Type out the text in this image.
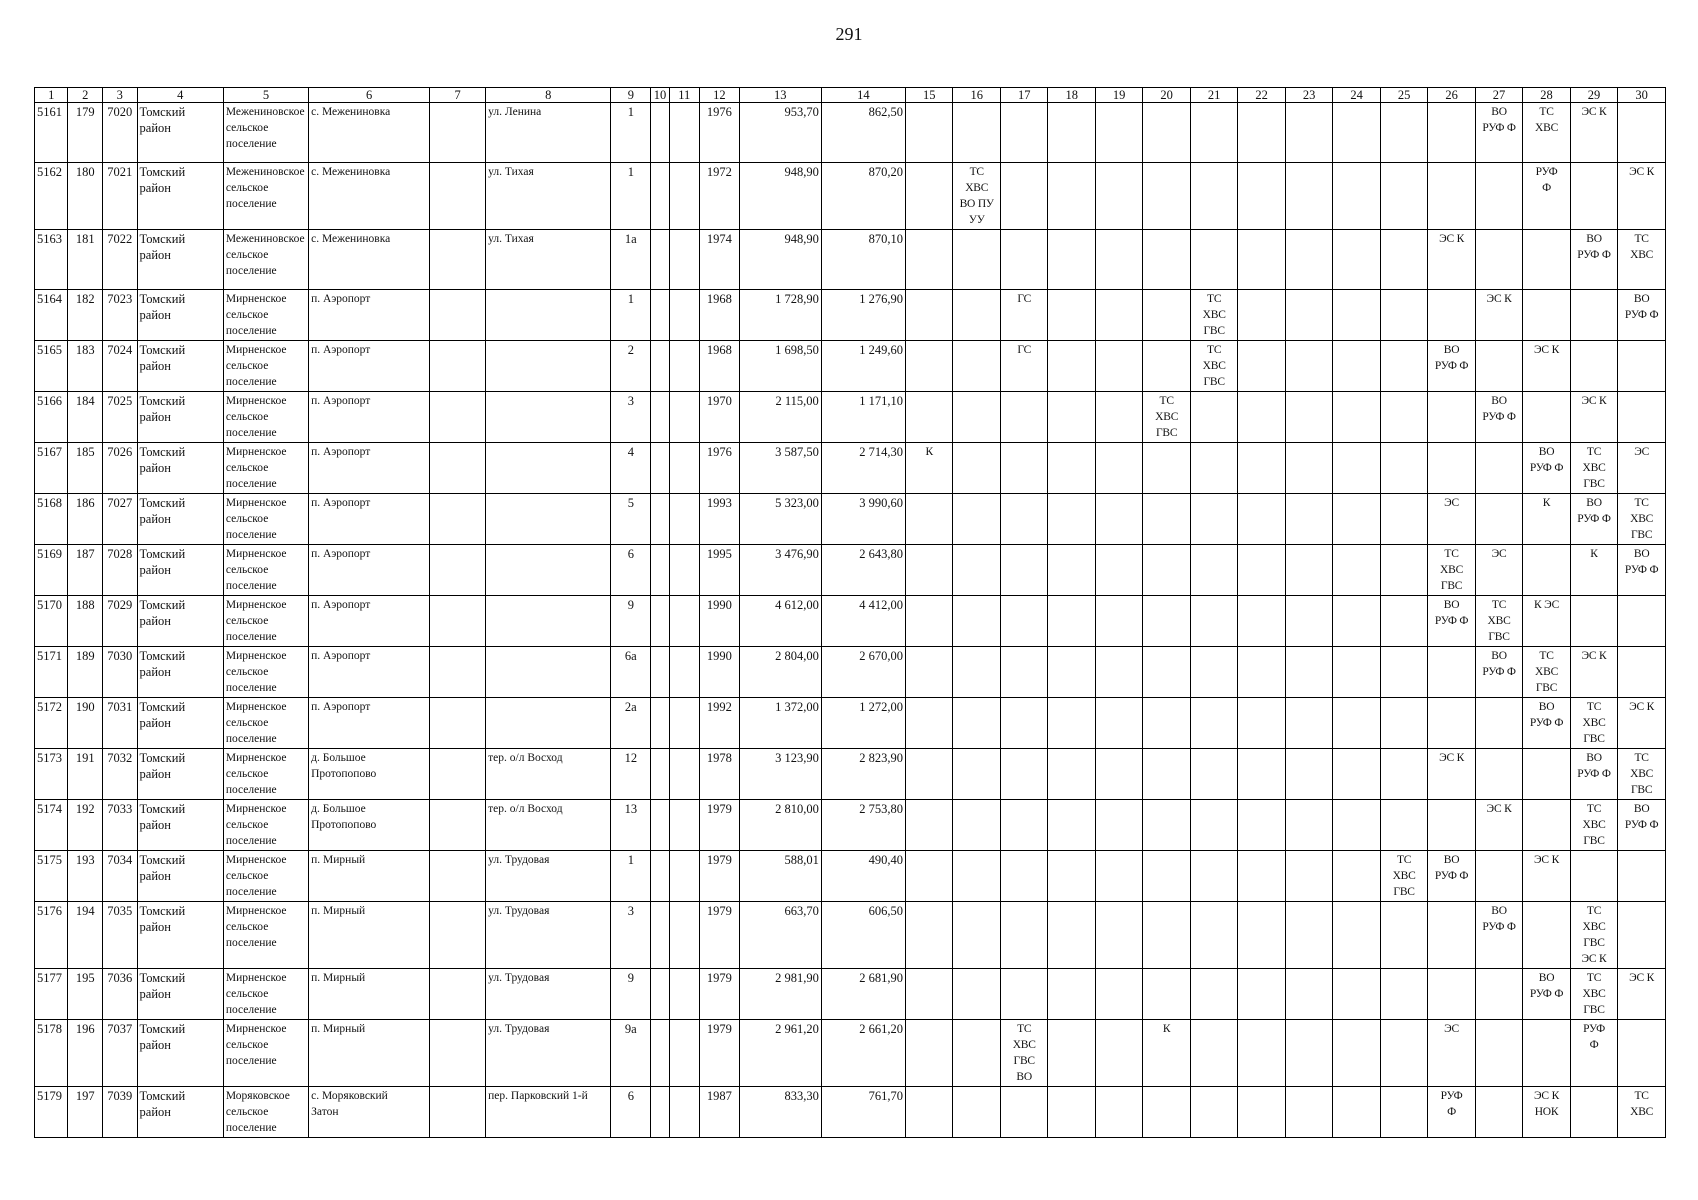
291
1	2	3	4	5	6	7	8	9	10	11	12	13	14	15	16	17	18	19	20	21	22	23	24	25	26	27	28	29	30
5161	179	7020	Томский
район	Межениновское сельское
поселение	с. Межениновка		ул. Ленина	1			1976	953,70	862,50													ВО
РУФ Ф	ТС
ХВС	ЭС К	
5162	180	7021	Томский
район	Межениновское сельское
поселение	с. Межениновка		ул. Тихая	1			1972	948,90	870,20		ТС
ХВС
ВО ПУ
УУ												РУФ
Ф		ЭС К
5163	181	7022	Томский
район	Межениновское сельское
поселение	с. Межениновка		ул. Тихая	1а			1974	948,90	870,10												ЭС К			ВО
РУФ Ф	ТС
ХВС
5164	182	7023	Томский
район	Мирненское
сельское
поселение	п. Аэропорт			1			1968	1 728,90	1 276,90			ГС				ТС
ХВС
ГВС						ЭС К			ВО
РУФ Ф
5165	183	7024	Томский
район	Мирненское
сельское
поселение	п. Аэропорт			2			1968	1 698,50	1 249,60			ГС				ТС
ХВС
ГВС					ВО
РУФ Ф		ЭС К		
5166	184	7025	Томский
район	Мирненское
сельское
поселение	п. Аэропорт			3			1970	2 115,00	1 171,10						ТС
ХВС
ГВС							ВО
РУФ Ф		ЭС К	
5167	185	7026	Томский
район	Мирненское
сельское
поселение	п. Аэропорт			4			1976	3 587,50	2 714,30	К													ВО
РУФ Ф	ТС
ХВС
ГВС	ЭС
5168	186	7027	Томский
район	Мирненское
сельское
поселение	п. Аэропорт			5			1993	5 323,00	3 990,60												ЭС		К	ВО
РУФ Ф	ТС
ХВС
ГВС
5169	187	7028	Томский
район	Мирненское
сельское
поселение	п. Аэропорт			6			1995	3 476,90	2 643,80												ТС
ХВС
ГВС	ЭС		К	ВО
РУФ Ф
5170	188	7029	Томский
район	Мирненское
сельское
поселение	п. Аэропорт			9			1990	4 612,00	4 412,00												ВО
РУФ Ф	ТС
ХВС
ГВС	К ЭС		
5171	189	7030	Томский
район	Мирненское
сельское
поселение	п. Аэропорт			6а			1990	2 804,00	2 670,00													ВО
РУФ Ф	ТС
ХВС
ГВС	ЭС К	
5172	190	7031	Томский
район	Мирненское
сельское
поселение	п. Аэропорт			2а			1992	1 372,00	1 272,00														ВО
РУФ Ф	ТС
ХВС
ГВС	ЭС К
5173	191	7032	Томский
район	Мирненское
сельское
поселение	д. Большое
Протопопово		тер. о/л Восход	12			1978	3 123,90	2 823,90												ЭС К			ВО
РУФ Ф	ТС
ХВС
ГВС
5174	192	7033	Томский
район	Мирненское
сельское
поселение	д. Большое
Протопопово		тер. о/л Восход	13			1979	2 810,00	2 753,80													ЭС К		ТС
ХВС
ГВС	ВО
РУФ Ф
5175	193	7034	Томский
район	Мирненское
сельское
поселение	п. Мирный		ул. Трудовая	1			1979	588,01	490,40											ТС
ХВС
ГВС	ВО
РУФ Ф		ЭС К		
5176	194	7035	Томский
район	Мирненское
сельское
поселение	п. Мирный		ул. Трудовая	3			1979	663,70	606,50													ВО
РУФ Ф		ТС
ХВС
ГВС
ЭС К	
5177	195	7036	Томский
район	Мирненское
сельское
поселение	п. Мирный		ул. Трудовая	9			1979	2 981,90	2 681,90														ВО
РУФ Ф	ТС
ХВС
ГВС	ЭС К
5178	196	7037	Томский
район	Мирненское
сельское
поселение	п. Мирный		ул. Трудовая	9а			1979	2 961,20	2 661,20			ТС
ХВС
ГВС
ВО			К						ЭС			РУФ
Ф	
5179	197	7039	Томский
район	Моряковское
сельское
поселение	с. Моряковский
Затон		пер. Парковский 1-й	6			1987	833,30	761,70												РУФ
Ф		ЭС К
НОК		ТС
ХВС
